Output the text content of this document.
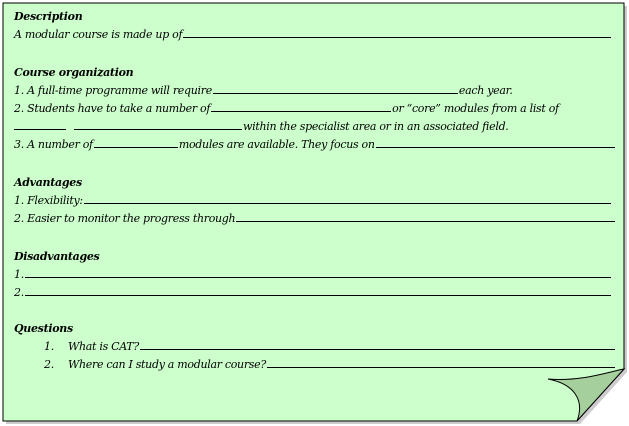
Description
A modular course is made up of
Course organization
1. A full-time programme will require	each year.
2. Students have to take a number of	or “core” modules from a list of
within the specialist area or in an associated field.
3. A number of	modules are available. They focus on
Advantages
1. Flexibility:
2. Easier to monitor the progress through
Disadvantages
1.
2.
Questions
1.	What is CAT?
2.	Where can I study a modular course?
